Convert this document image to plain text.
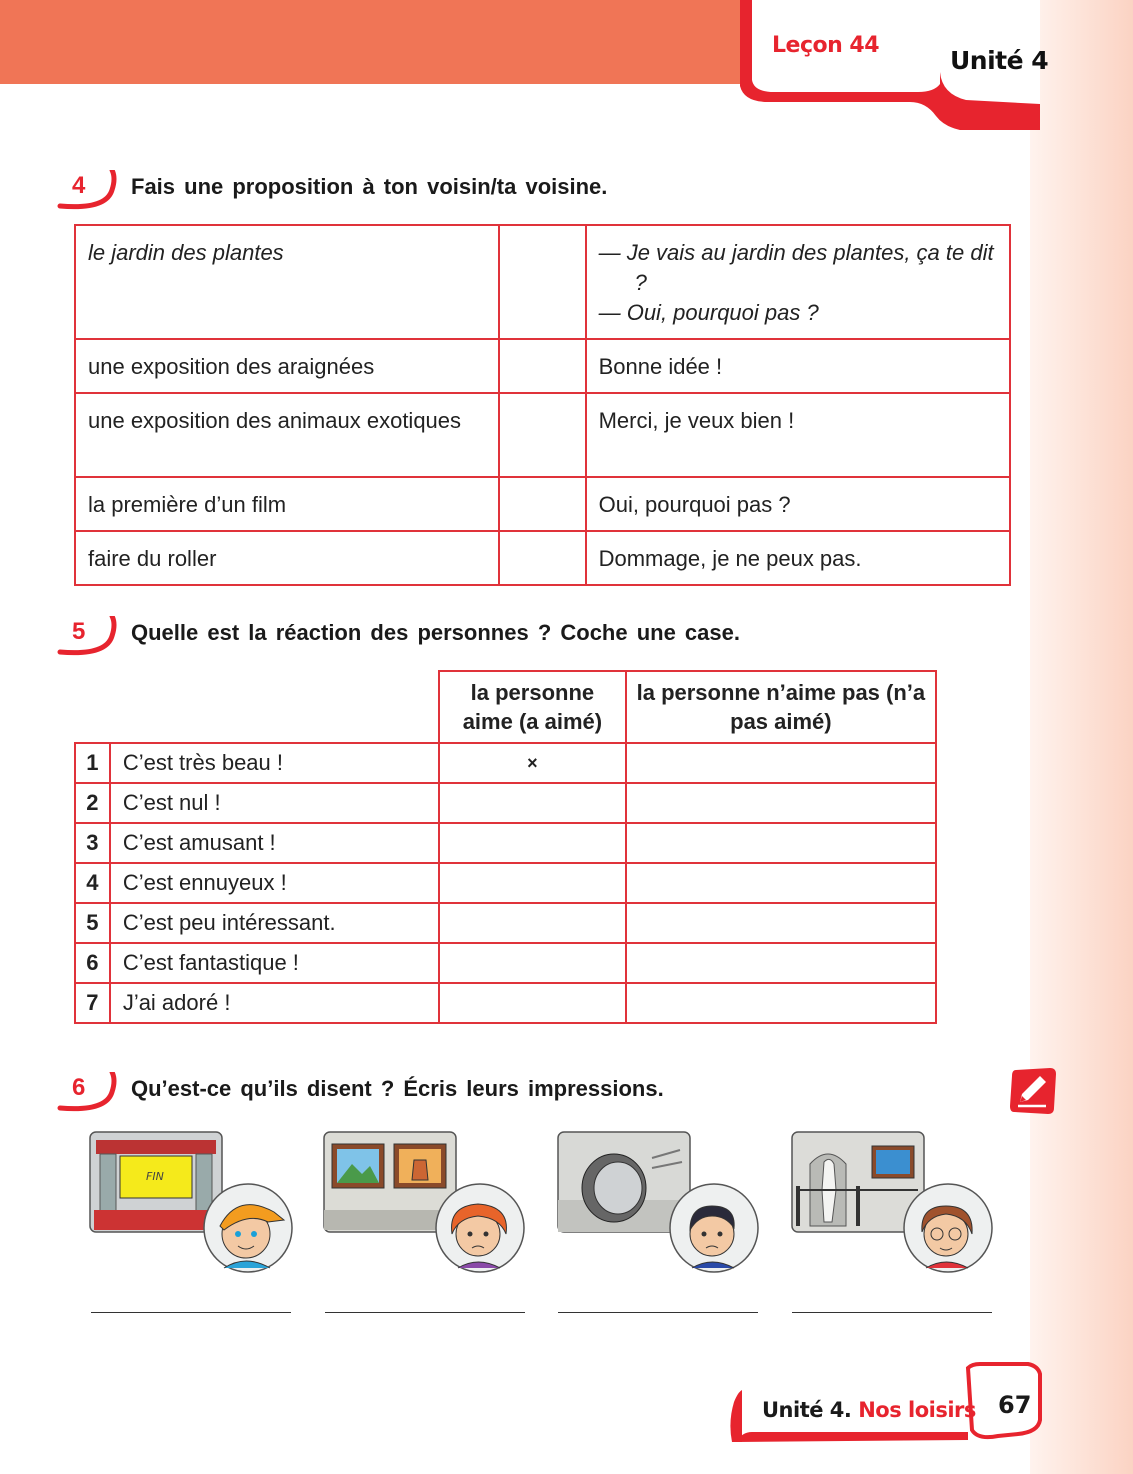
Leçon 44
Unité 4
4 Fais une proposition à ton voisin/ta voisine.
le jardin des plantes		— Je vais au jardin des plantes, ça te dit ?
— Oui, pourquoi pas ?

une exposition des araignées		Bonne idée !
une exposition des animaux exotiques		Merci, je veux bien !
la première d’un film		Oui, pourquoi pas ?
faire du roller		Dommage, je ne peux pas.
5 Quelle est la réaction des personnes ? Coche une case.
		la personne aime (a aimé)	la personne n’aime pas (n’a pas aimé)
1	C’est très beau !	×	
2	C’est nul !		
3	C’est amusant !		
4	C’est ennuyeux !		
5	C’est peu intéressant.		
6	C’est fantastique !		
7	J’ai adoré !		
6 Qu’est-ce qu’ils disent ? Écris leurs impressions.
FIN
Unité 4. Nos loisirs 67
